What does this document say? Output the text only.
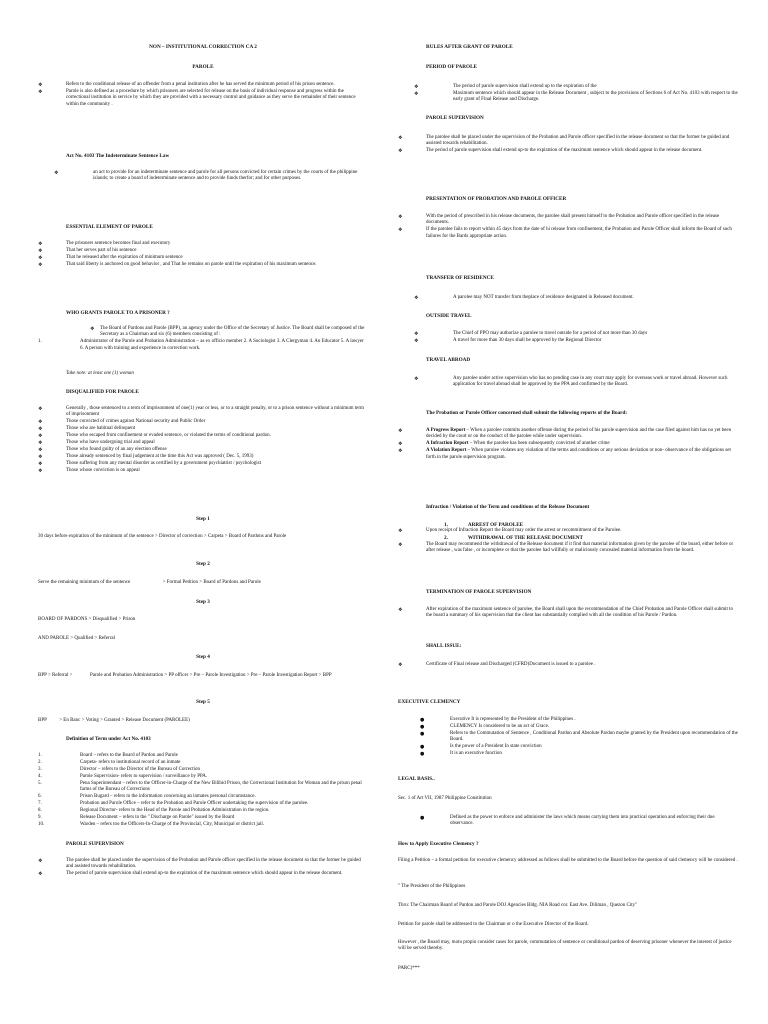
NON – INSTITUTIONAL CORRECTION CA 2
PAROLE
❖	Refers to the conditional release of an offender from a penal institution after he has served the minimum period of his prison sentence.
❖	Parole is also defined as a procedure by which prisoners are selected for release on the basis of individual response and progress within the correctional institution in service by which they are provided with a necessary control and guidance as they serve the remainder of their sentence within the community .
Act No. 4103 The Indeterminate Sentence Law
❖	an act to provide for an indeterminate sentence and parole for all persons convicted for certain crimes by the courts of the philippine islands; to create a board of indeterminate sentence and to provide funds therfor; and for other purposes.
ESSENTIAL ELEMENT OF PAROLE
❖	The prisoners sentence becomes final and executory
❖	That her serves part of his sentence
❖	That he released after the expiration of minimum sentence
❖	That said liberty is anchored on good behavior , and That he remains on parole until the expiration of his maximum sentence.
WHO GRANTS PAROLE TO A PRISONER ?
❖ The Board of Pardons and Parole (BPP), an agency under the Office of the Secretary of Justice. The Board shall be composed of the Secretary as a Chairman and six (6) members consisting of :
1.	Administrator of the Parole and Probation Administration – as ex officio member 2. A Sociologist 3. A Clergyman 4. An Educator 5. A lawyer 6. A person with training and experience in correction work.
Take note: at least one (1) woman
DISQUALIFIED FOR PAROLE
❖	Generally , those sentenced to a term of imprisonment of one(1) year or less, or to a straight penalty, or to a prison sentence without a minimum term of imprisonment
❖	Those convicted of crimes against National security and Public Order
❖	Those who are habitual delinquent
❖	Those who escaped from confinement or evaded sentence, or violated the terms of conditional pardon.
❖	Those who have undergoing trial and appeal
❖	Those who found guilty of an any election offense
❖	Those already sentenced by final judgement at the time this Act was approved ( Dec. 5, 1993)
❖	Those suffering from any mental disorder as certified by a government psychiatrist / psychologist
❖	Those whose conviction is on appeal
Step 1
30 days before expiration of the minimum of the sentence > Director of correction > Carpeta > Board of Pardons and Parole
Step 2
Serve the remaining minimum of the sentence                          > Formal Petition > Board of Pardons and Parole
Step 3
BOARD OF PARDONS > Disqualified > Prison
AND PAROLE > Qualified > Referral
Step 4
BPP > Referral >              Parole and Probation Administration > PP officer > Pre – Parole Investigation > Pre – Parole Investigation Report > BPP
Step 5
BPP          > En Banc > Voting > Granted > Release Document (PAROLEE)
Definition of Term under Act No. 4103
1.	Board – refers to the Board of Pardon and Parole
2.	Carpeta- refers to institutional record of an inmate
3.	Director – refers to the Director of the Bureau of Correction
4.	Parole Supervision- refers to supervision / surveillance by PPA.
5.	Pena Superintendant – refers to the Officer-in-Charge of the New Bilibid Prison, the Correctional Institution for Woman and the prison penal farms of the Bureau of Corrections
6.	Prison Bugard – refers to the information concerning an inmates personal circumstance.
7.	Probation and Parole Office – refer to the Probation and Parole Officer undertaking the supervision of the parolee.
8.	Regional Director- refers to the Head of the Parole and Probation Administration in the region.
9.	Release Document – refers to the " Discharge on Parole" issued by the Board
10.	Warden – refers too the Officers-In-Charge of the Provincial, City, Municipal or district jail.
PAROLE SUPERVISION
❖	The parolee shall be placed under the supervision of the Probation and Parole officer specified in the release document so that the former be guided and assisted towards rehabilitation.
❖	The period of parole supervision shall extend up-to the expiration of the maximum sentence which should appear in the release document.
RULES AFTER GRANT OF PAROLE
PERIOD OF PAROLE
❖	The period of parole supervision shall extend up to the expiration of the
❖	Maximum sentence which should appear in the Release Document , subject to the provisions of Sections 6 of Act No. 4103 with respect to the early grant of Final Release and Discharge.
PAROLE SUPERVISION
❖	The parolee shall be placed under the supervision of the Probation and Parole officer specified in the release document so that the former be guided and assisted towards rehabilitation.
❖	The period of parole supervision shall extend up-to the expiration of the maximum sentence which should appear in the release document.
PRESENTATION OF PROBATION AND PAROLE OFFICER
❖	With the period of prescribed in his release documents, the parolee shall present himself to the Probation and Parole officer specified in the release documents.
❖	If the parolee fails to report within 45 days from the date of hi release from confinement, the Probation and Parole Officer shall inform the Board of such failures for the Bards appropriate action.
TRANSFER OF RESIDENCE
❖	A parolee may NOT transfer from theplace of residence designated in Released document.
OUTSIDE TRAVEL
❖	The Chief of PPO may authorize a parolee to travel outside for a period of not more than 30 days
❖	A travel for more than 30 days shall be approved by the Regional Director
TRAVEL ABROAD
❖	Any parolee under active supervision who has no pending case in any court may apply for overseas work or travel abroad. However such application for travel abroad shall be approved by the PPA and confirmed by the Board.
The Probation or Parole Officer concerned shall submit the following reports of the Board:
❖	A Progress Report – When a parolee commits another offense during the period of his parole supervision and the case filed against him has no yet been decided by the court or on the conduct of the parolee while under supervision.
❖	A Infraction Report – When the parolee has been subsequently convicted of another crime
❖	A Violation Report – When parolee violates any violation of the terms and conditions or any serious deviation or non- observance of the obligations set forth in the parole supervision program.
Infraction / Violation of the Term and conditions of the Release Document
1.	ARREST OF PAROLEE
❖	Upon receipt of Infraction Report the Board may order the arrest or recommitment of the Parolee.
2.	WITHDRAWAL OF THE RELEASE DOCUMENT
❖	The Board may recommend the withdrawal of the Release document if it find that material information given by the parolee of the board, either before or after release , was false , or incomplete or that the parolee had willfully or maliciously concealed material information from the board.
TERMINATION OF PAROLE SUPERVISION
❖	After expiration of the maximum sentence of parolee, the Board shall upon the recommendation of the Chief Probation and Parole Officer shall submit to the board a summary of his supervision that the client has substantially complied with all the condition of his Parole / Pardon.
SHALL ISSUE:
❖	Certificate of Final release and Discharged (CFRD)Document is issued to a parolee .
EXECUTIVE CLEMENCY
●	Executive It is represented by the President of the Philippines .
●	CLEMENCY Is considered to be an act of Grace.
●	Refers to the Commutation of Sentence , Conditional Pardon and Absolute Pardon maybe granted by the President upon recommendation of the Board.
●	Is the power of a President In state conviction
●	It is an executive function
LEGAL BASIS..
Sec. 1 of Art VII, 1987 Philippine Constitution
●	Defined as the power to enforce and administer the laws which means carrying them into practical operation and enforcing their due observance.
How to Apply Executive Clemency ?
Filing a Petition – a formal petition for executive clemency addressed as follows shall be submitted to the Board before the question of said clemency will be considered .
" The President of the Philippines
Thru: The Chairman Board of Pardon and Parole DOJ Agencies Bldg. NIA Road cor. East Ave. Diliman , Quezon City"
Petition for parole shall be addressed to the Chairman or o the Executive Director of the Board.
However , the Board may, motu propio consider cases for parole, commutation of sentence or conditional pardon of deserving prisoner whenever the interest of justice will be served thereby.
PARC)***
